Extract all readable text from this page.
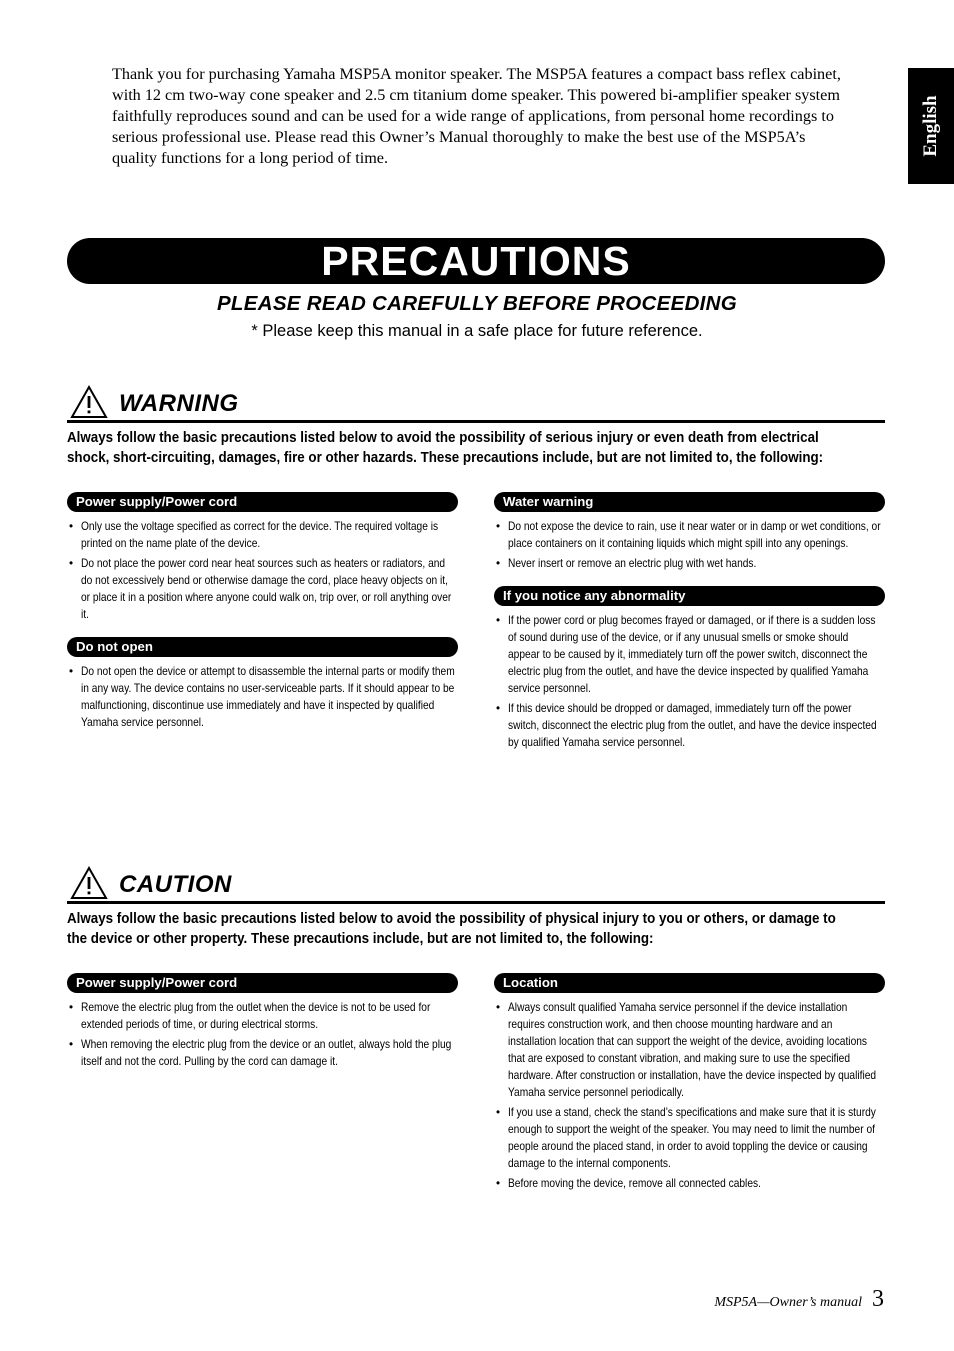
Thank you for purchasing Yamaha MSP5A monitor speaker. The MSP5A features a compact bass reflex cabinet, with 12 cm two-way cone speaker and 2.5 cm titanium dome speaker. This powered bi-amplifier speaker system faithfully reproduces sound and can be used for a wide range of applications, from personal home recordings to serious professional use. Please read this Owner’s Manual thoroughly to make the best use of the MSP5A’s quality functions for a long period of time.

English
PRECAUTIONS
PLEASE READ CAREFULLY BEFORE PROCEEDING
* Please keep this manual in a safe place for future reference.
WARNING

Always follow the basic precautions listed below to avoid the possibility of serious injury or even death from electrical shock, short-circuiting, damages, fire or other hazards. These precautions include, but are not limited to, the following:

Power supply/Power cord
• Only use the voltage specified as correct for the device. The required voltage is printed on the name plate of the device.
• Do not place the power cord near heat sources such as heaters or radiators, and do not excessively bend or otherwise damage the cord, place heavy objects on it, or place it in a position where anyone could walk on, trip over, or roll anything over it.
Do not open
• Do not open the device or attempt to disassemble the internal parts or modify them in any way. The device contains no user-serviceable parts. If it should appear to be malfunctioning, discontinue use immediately and have it inspected by qualified Yamaha service personnel.
Water warning
• Do not expose the device to rain, use it near water or in damp or wet conditions, or place containers on it containing liquids which might spill into any openings.
• Never insert or remove an electric plug with wet hands.
If you notice any abnormality
• If the power cord or plug becomes frayed or damaged, or if there is a sudden loss of sound during use of the device, or if any unusual smells or smoke should appear to be caused by it, immediately turn off the power switch, disconnect the electric plug from the outlet, and have the device inspected by qualified Yamaha service personnel.
• If this device should be dropped or damaged, immediately turn off the power switch, disconnect the electric plug from the outlet, and have the device inspected by qualified Yamaha service personnel.
CAUTION

Always follow the basic precautions listed below to avoid the possibility of physical injury to you or others, or damage to the device or other property. These precautions include, but are not limited to, the following:

Power supply/Power cord
• Remove the electric plug from the outlet when the device is not to be used for extended periods of time, or during electrical storms.
• When removing the electric plug from the device or an outlet, always hold the plug itself and not the cord. Pulling by the cord can damage it.
Location
• Always consult qualified Yamaha service personnel if the device installation requires construction work, and then choose mounting hardware and an installation location that can support the weight of the device, avoiding locations that are exposed to constant vibration, and making sure to use the specified hardware. After construction or installation, have the device inspected by qualified Yamaha service personnel periodically.
• If you use a stand, check the stand’s specifications and make sure that it is sturdy enough to support the weight of the speaker. You may need to limit the number of people around the placed stand, in order to avoid toppling the device or causing damage to the internal components.
• Before moving the device, remove all connected cables.
MSP5A—Owner’s manual 3
